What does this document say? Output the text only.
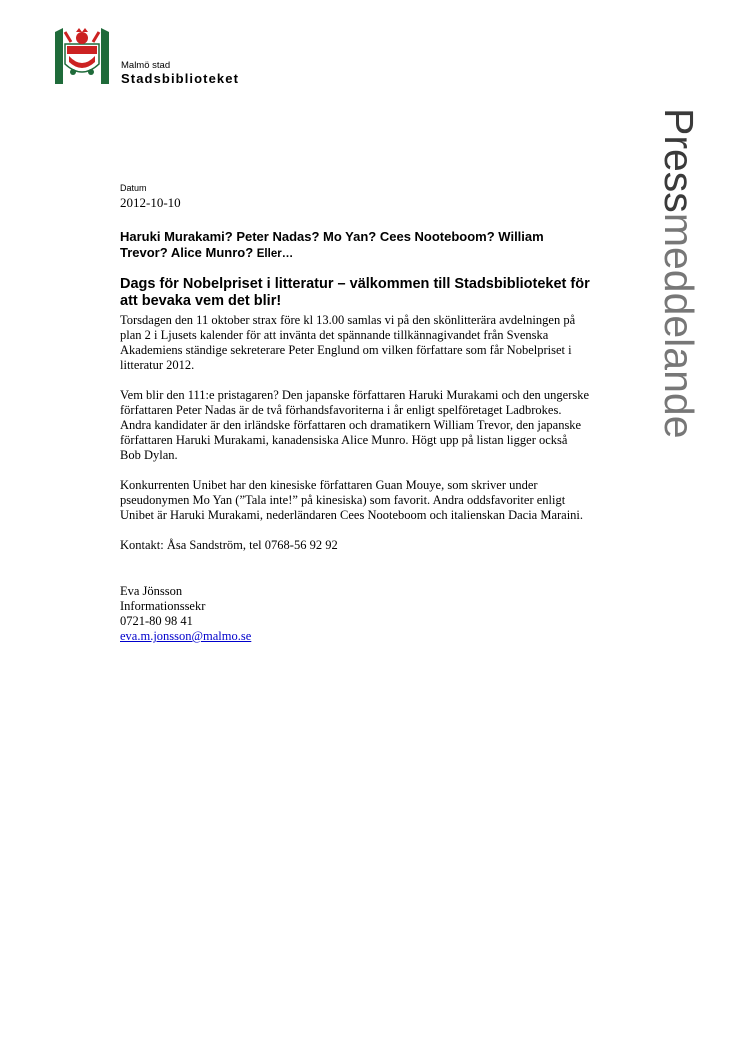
Malmö stad
Stadsbiblioteket
Pressmeddelande
Datum
2012-10-10
Haruki Murakami? Peter Nadas? Mo Yan? Cees Nooteboom? William Trevor? Alice Munro? Eller…
Dags för Nobelpriset i litteratur – välkommen till Stadsbiblioteket för att bevaka vem det blir!

Torsdagen den 11 oktober strax före kl 13.00 samlas vi på den skönlitterära avdelningen på plan 2 i Ljusets kalender för att invänta det spännande tillkännagivandet från Svenska Akademiens ständige sekreterare Peter Englund om vilken författare som får Nobelpriset i litteratur 2012.

Vem blir den 111:e pristagaren? Den japanske författaren Haruki Murakami och den ungerske författaren Peter Nadas är de två förhandsfavoriterna i år enligt spelföretaget Ladbrokes. Andra kandidater är den irländske författaren och dramatikern William Trevor, den japanske författaren Haruki Murakami, kanadensiska Alice Munro. Högt upp på listan ligger också Bob Dylan.

Konkurrenten Unibet har den kinesiske författaren Guan Mouye, som skriver under pseudonymen Mo Yan (”Tala inte!” på kinesiska) som favorit. Andra oddsfavoriter enligt Unibet är Haruki Murakami, nederländaren Cees Nooteboom och italienskan Dacia Maraini.

Kontakt: Åsa Sandström, tel 0768-56 92 92
Eva Jönsson
Informationssekr
0721-80 98 41
eva.m.jonsson@malmo.se
